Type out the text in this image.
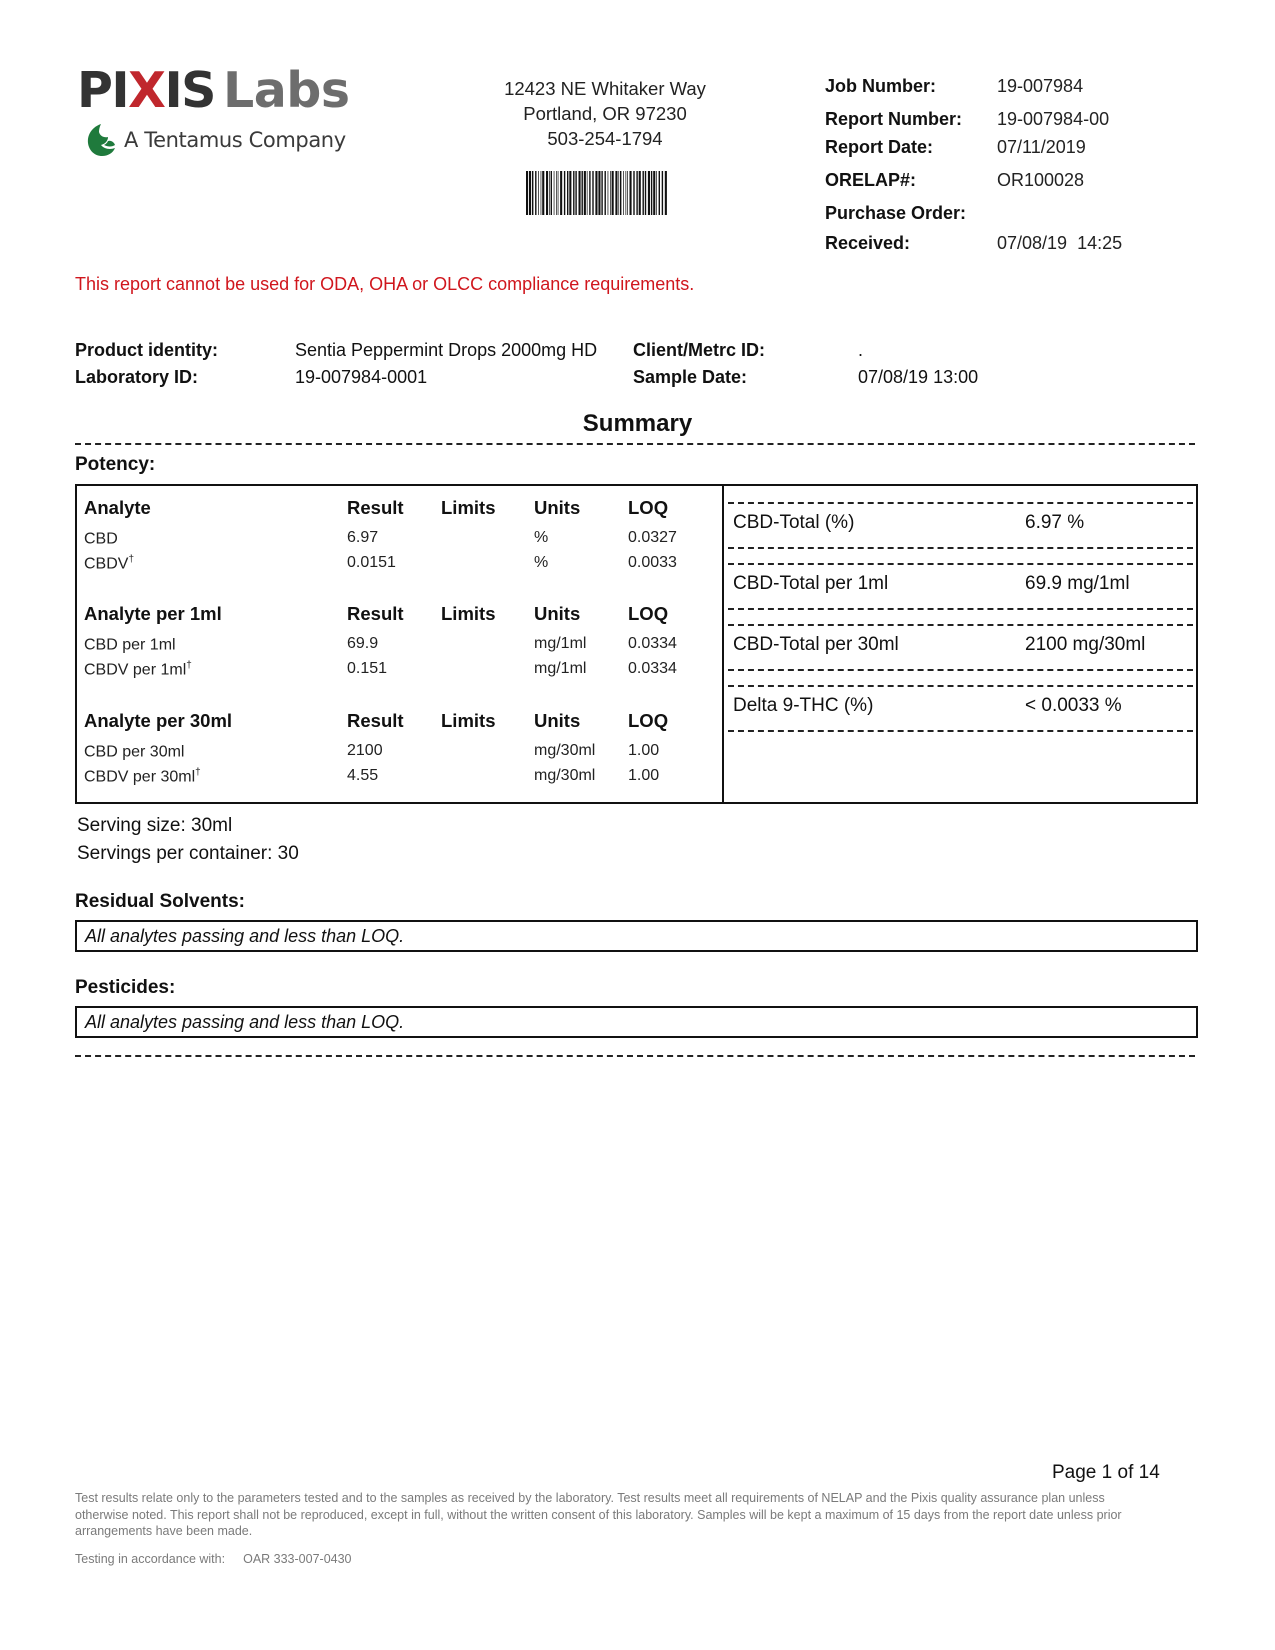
PIXIS Labs
A Tentamus Company
12423 NE Whitaker Way
Portland, OR 97230
503-254-1794
Job Number:	19-007984
Report Number: 19-007984-00
Report Date:	07/11/2019
ORELAP#:	OR100028
Purchase Order:
Received:	07/08/19  14:25
This report cannot be used for ODA, OHA or OLCC compliance requirements.
Product identity:	Sentia Peppermint Drops 2000mg HD
Laboratory ID:	19-007984-0001
Client/Metrc ID:	.
Sample Date:	07/08/19 13:00
Summary
Potency:
Analyte	Result Limits Units	LOQ
CBD	6.97	%	0.0327
CBDV†	0.0151	%	0.0033
Analyte per 1ml	Result Limits Units	LOQ
CBD per 1ml	69.9	mg/1ml	0.0334
CBDV per 1ml†	0.151	mg/1ml	0.0334
Analyte per 30ml	Result Limits Units	LOQ
CBD per 30ml	2100	mg/30ml 1.00
CBDV per 30ml†	4.55	mg/30ml 1.00
CBD-Total (%)	6.97 %
CBD-Total per 1ml	69.9 mg/1ml
CBD-Total per 30ml	2100 mg/30ml
Delta 9-THC (%)	< 0.0033 %
Serving size: 30ml
Servings per container: 30
Residual Solvents:
All analytes passing and less than LOQ.
Pesticides:
All analytes passing and less than LOQ.
Page 1 of 14
Test results relate only to the parameters tested and to the samples as received by the laboratory. Test results meet all requirements of NELAP and the Pixis quality assurance plan unless otherwise noted. This report shall not be reproduced, except in full, without the written consent of this laboratory. Samples will be kept a maximum of 15 days from the report date unless prior arrangements have been made.
Testing in accordance with: OAR 333-007-0430
